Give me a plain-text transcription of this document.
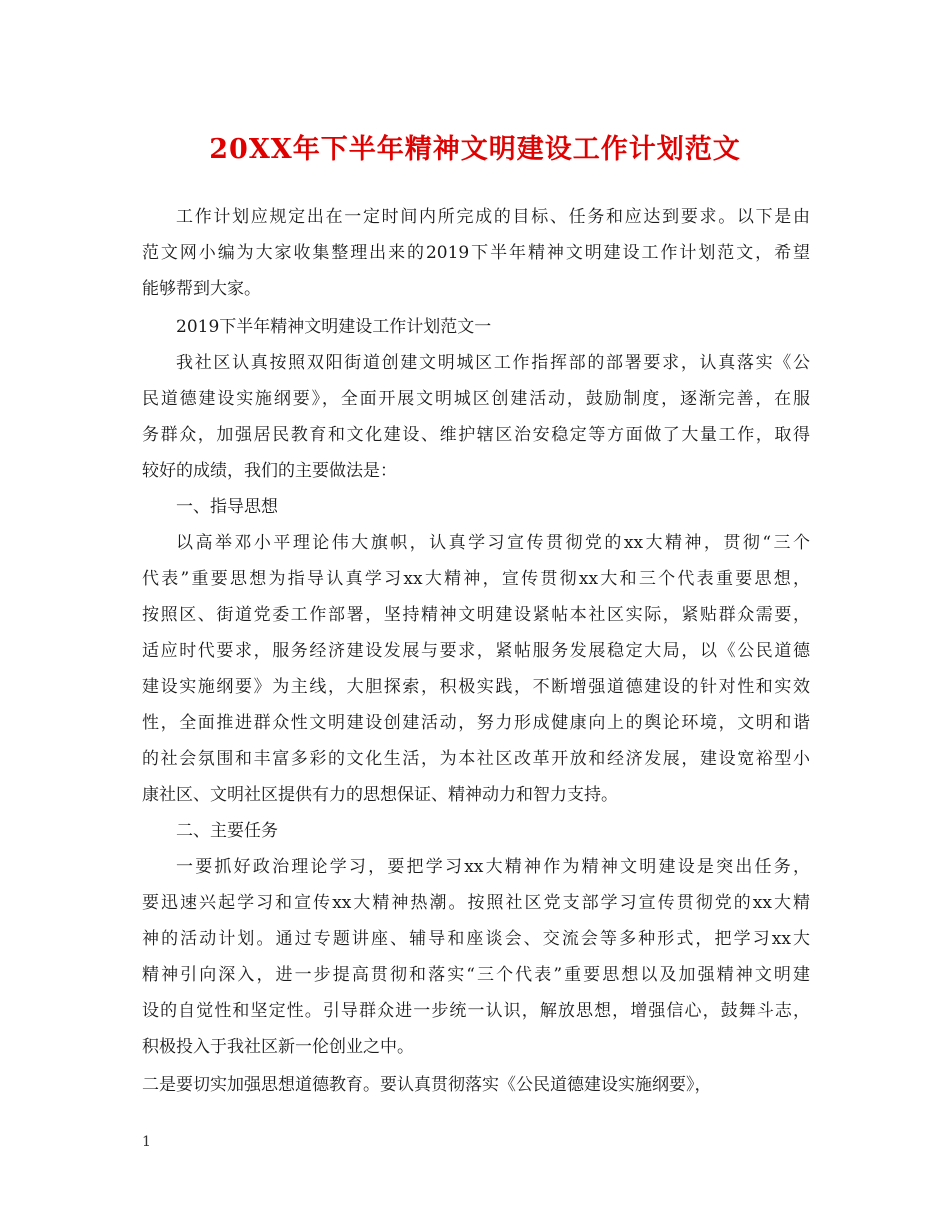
20XX年下半年精神文明建设工作计划范文
工作计划应规定出在一定时间内所完成的目标、任务和应达到要求。以下是由
范文网小编为大家收集整理出来的2019下半年精神文明建设工作计划范文，希望
能够帮到大家。
2019下半年精神文明建设工作计划范文一
我社区认真按照双阳街道创建文明城区工作指挥部的部署要求，认真落实《公
民道德建设实施纲要》，全面开展文明城区创建活动，鼓励制度，逐渐完善，在服
务群众，加强居民教育和文化建设、维护辖区治安稳定等方面做了大量工作，取得
较好的成绩，我们的主要做法是：
一、指导思想
以高举邓小平理论伟大旗帜，认真学习宣传贯彻党的xx大精神，贯彻“三个
代表”重要思想为指导认真学习xx大精神，宣传贯彻xx大和三个代表重要思想，
按照区、街道党委工作部署，坚持精神文明建设紧帖本社区实际，紧贴群众需要，
适应时代要求，服务经济建设发展与要求，紧帖服务发展稳定大局，以《公民道德
建设实施纲要》为主线，大胆探索，积极实践，不断增强道德建设的针对性和实效
性，全面推进群众性文明建设创建活动，努力形成健康向上的舆论环境，文明和谐
的社会氛围和丰富多彩的文化生活，为本社区改革开放和经济发展，建设宽裕型小
康社区、文明社区提供有力的思想保证、精神动力和智力支持。
二、主要任务
一要抓好政治理论学习，要把学习xx大精神作为精神文明建设是突出任务，
要迅速兴起学习和宣传xx大精神热潮。按照社区党支部学习宣传贯彻党的xx大精
神的活动计划。通过专题讲座、辅导和座谈会、交流会等多种形式，把学习xx大
精神引向深入，进一步提高贯彻和落实“三个代表”重要思想以及加强精神文明建
设的自觉性和坚定性。引导群众进一步统一认识，解放思想，增强信心，鼓舞斗志，
积极投入于我社区新一伦创业之中。
二是要切实加强思想道德教育。要认真贯彻落实《公民道德建设实施纲要》，
1
